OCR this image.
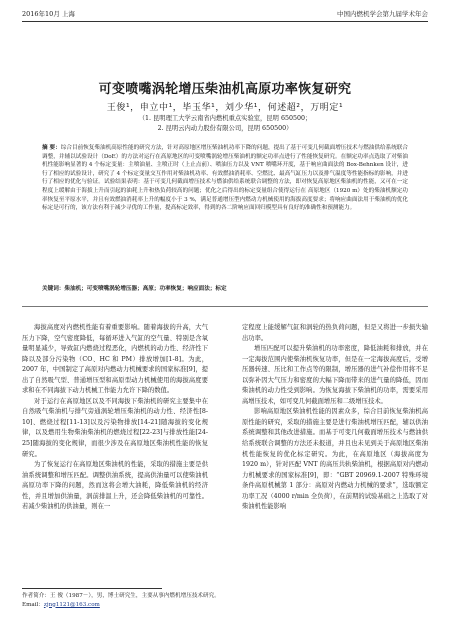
2016年10月 上海	中国内燃机学会第九届学术年会
可变喷嘴涡轮增压柴油机高原功率恢复研究
王俊¹，申立中¹，毕玉华¹，刘少华¹，何述超²，万明定¹
（1. 昆明理工大学云南省内燃机重点实验室，昆明 650500；
2. 昆明云内动力股份有限公司，昆明 650500）
摘 要：综合目前恢复柴油机高原性能的研究方法，针对高原地区增压柴油机功率下降的问题，提出了基于可变几何截面增压技术与燃油供给系统联合调整，并辅以试验设计（DoE）的方法对运行在高原地区的可变喷嘴涡轮增压柴油机的额定功率点进行了性能恢复研究。在额定功率点选取了对柴油机性能影响显著的 4 个标定变量：主喷油量、主喷正时（上止点前）、喷油压力以及 VNT 喷嘴环开度，基于响应曲面法的 Box-Behnken 设计，进行了相应的试验设计，研究了 4 个标定变量交互作用对柴油机功率、有效燃油消耗率、空燃比、最高气缸压力以及排气温度等性能指标的影响，并进行了相应的优化与验证。试验结果表明：基于可变几何截面增压技术与燃油供给系统联合调整的方法，即对恢复高原地区柴油机的性能，又可在一定程度上缓解由于海拔上升而引起的油耗上升和热负荷较高的问题；优化之后得出的标定变量组合使得运行在 高原地区（1920 m）处的柴油机额定功率恢复至平原水平，并且有效燃油消耗率上升的幅度小于 3 %，满足普通增压型内燃动力机械使用的海拔高度要求；将响应曲面法用于柴油机的优化标定是可行的，该方法有利于减少寻优的工作量，提高标定效率，得到的各二阶响应面回归模型具有良好的准确性和预测能力。
关键词：柴油机；可变喷嘴涡轮增压器；高原；功率恢复；响应面法；标定

海拔高度对内燃机性能有着重要影响。随着海拔的升高，大气压力下降，空气密度降低，每循环进入气缸的空气量、特别是含氧量明显减少，导致缸内燃烧过程恶化，内燃机的动力性、经济性下降以及部分污染物（CO、HC 和 PM）排放增加[1-8]。为此，2007 年，中国制定了高原对内燃动力机械要求的国家标准[9]，提出了自然吸气型、普通增压型和高原型动力机械使用的海拔高度要求和在不同海拔下动力机械工作能力允许下降的数值。

对于运行在高原地区以及不同海拔下柴油机的研究主要集中在自然吸气柴油机与排气旁通涡轮增压柴油机的动力性、经济性[8-10]、燃烧过程[11-13]以及污染物排放[14-21]随海拔的变化规律，以及燃用生物柴油柴油机的燃烧过程[22-23]与排放性能[24-25]随海拔的变化规律，而很少涉及在高原地区柴油机性能的恢复研究。

为了恢复运行在高原地区柴油机的性能，采取的措施主要是供油系统调整和增压匹配。调整供油系统，提高供油量可以使柴油机高原功率下降的问题，然而这将会增大油耗，降低柴油机的经济性，并且增加供油量，涡前排温上升，还会降低柴油机的可靠性。若减少柴油机的供油量，则在一

定程度上能缓解气缸和涡轮的热负荷问题，但是又将进一步损失输出功率。

增压匹配可以提升柴油机的功率密度，降低油耗和排放，并在一定海拔范围内使柴油机恢复功率，但是在一定海拔高度后，受增压器转速、压比和工作点等的限制，增压器的进气补偿作用将不足以弥补因大气压力和密度的大幅下降而带来的进气量的降低，因而柴油机的动力性受到影响。为恢复海拔下柴油机的功率，需要采用高增压技术，如可变几何截面增压和二级增压技术。

影响高原地区柴油机性能的因素众多，综合目前恢复柴油机高原性能的研究，采取的措施主要是进行柴油机增压匹配，辅以供油系统调整和其他改进措施。而基于可变几何截面增压技术与燃油供给系统联合调整的方法还未报道，并且也未见到关于高原地区柴油机性能恢复的优化标定研究。为此，在高原地区（海拔高度为 1920 m），针对匹配 VNT 的高压共轨柴油机，根据高原对内燃动力机械要求的国家标准[9]，即：“GBT 20969.1-2007 特殊环境条件高原机械第 1 部分：高原对内燃动力机械的要求”，选取额定功率工况（4000 r/min 全负荷），在前期的试验基础之上选取了对柴油机性能影响

作者简介：王 俊（1987－），男，博士研究生，主要从事内燃机增压技术研究。
Email：zjng1121@163.com
